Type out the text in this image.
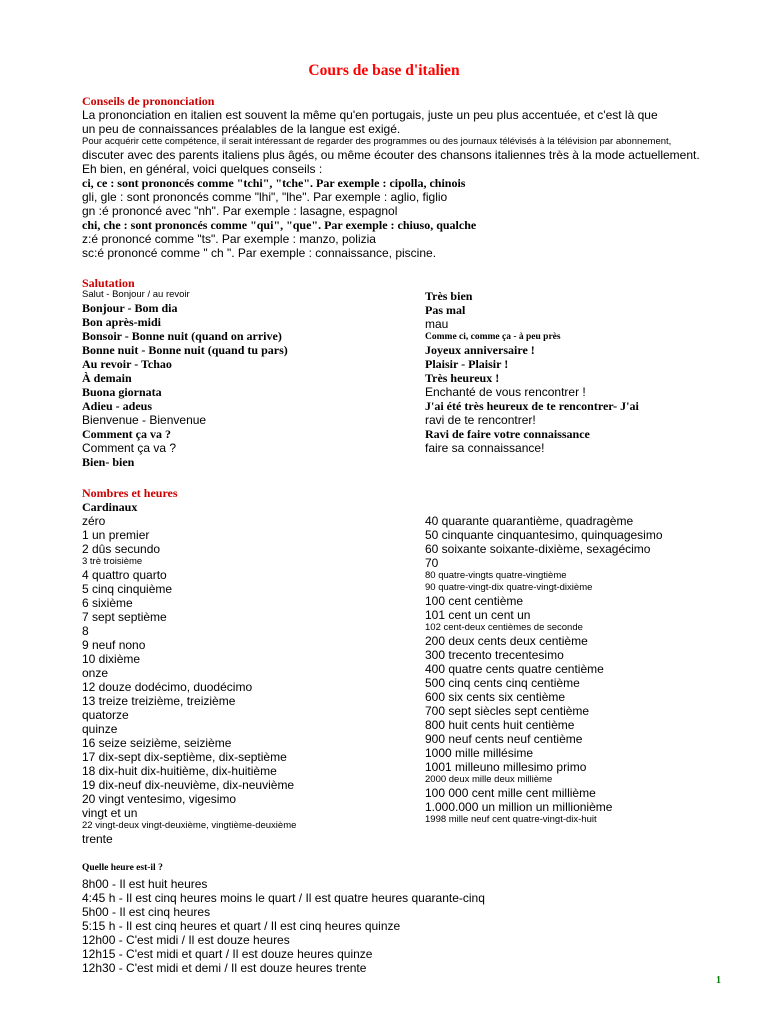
Cours de base d'italien
Conseils de prononciation
La prononciation en italien est souvent la même qu'en portugais, juste un peu plus accentuée, et c'est là que
un peu de connaissances préalables de la langue est exigé.
Pour acquérir cette compétence, il serait intéressant de regarder des programmes ou des journaux télévisés à la télévision par abonnement,
discuter avec des parents italiens plus âgés, ou même écouter des chansons italiennes très à la mode actuellement.
Eh bien, en général, voici quelques conseils :
ci, ce : sont prononcés comme "tchi", "tche". Par exemple : cipolla, chinois
gli, gle : sont prononcés comme "lhi", "lhe". Par exemple : aglio, figlio
gn :é prononcé avec "nh". Par exemple : lasagne, espagnol
chi, che : sont prononcés comme "qui", "que". Par exemple : chiuso, qualche
z:é prononcé comme "ts". Par exemple : manzo, polizia
sc:é prononcé comme " ch ". Par exemple : connaissance, piscine.
Salutation
Salut - Bonjour / au revoir
Bonjour - Bom dia
Bon après-midi
Bonsoir - Bonne nuit (quand on arrive)
Bonne nuit - Bonne nuit (quand tu pars)
Au revoir - Tchao
À demain
Buona giornata
Adieu - adeus
Bienvenue - Bienvenue
Comment ça va ?
Comment ça va ?
Bien- bien
Très bien
Pas mal
mau
Comme ci, comme ça - à peu près
Joyeux anniversaire !
Plaisir - Plaisir !
Très heureux !
Enchanté de vous rencontrer !
J'ai été très heureux de te rencontrer- J'ai
ravi de te rencontrer!
Ravi de faire votre connaissance
faire sa connaissance!
Nombres et heures
Cardinaux
zéro
1 un premier
2 dûs secundo
3 trè troisième
4 quattro quarto
5 cinq cinquième
6 sixième
7 sept septième
8
9 neuf nono
10 dixième
onze
12 douze dodécimo, duodécimo
13 treize treizième, treizième
quatorze
quinze
16 seize seizième, seizième
17 dix-sept dix-septième, dix-septième
18 dix-huit dix-huitième, dix-huitième
19 dix-neuf dix-neuvième, dix-neuvième
20 vingt ventesimo, vigesimo
vingt et un
22 vingt-deux vingt-deuxième, vingtième-deuxième
trente
40 quarante quarantième, quadragème
50 cinquante cinquantesimo, quinquagesimo
60 soixante soixante-dixième, sexagécimo
70
80 quatre-vingts quatre-vingtième
90 quatre-vingt-dix quatre-vingt-dixième
100 cent centième
101 cent un cent un
102 cent-deux centièmes de seconde
200 deux cents deux centième
300 trecento trecentesimo
400 quatre cents quatre centième
500 cinq cents cinq centième
600 six cents six centième
700 sept siècles sept centième
800 huit cents huit centième
900 neuf cents neuf centième
1000 mille millésime
1001 milleuno millesimo primo
2000 deux mille deux millième
100 000 cent mille cent millième
1.000.000 un million un millionième
1998 mille neuf cent quatre-vingt-dix-huit
Quelle heure est-il ?
8h00 - Il est huit heures
4:45 h - Il est cinq heures moins le quart / Il est quatre heures quarante-cinq
5h00 - Il est cinq heures
5:15 h - Il est cinq heures et quart / Il est cinq heures quinze
12h00 - C'est midi / Il est douze heures
12h15 - C'est midi et quart / Il est douze heures quinze
12h30 - C'est midi et demi / Il est douze heures trente
1
